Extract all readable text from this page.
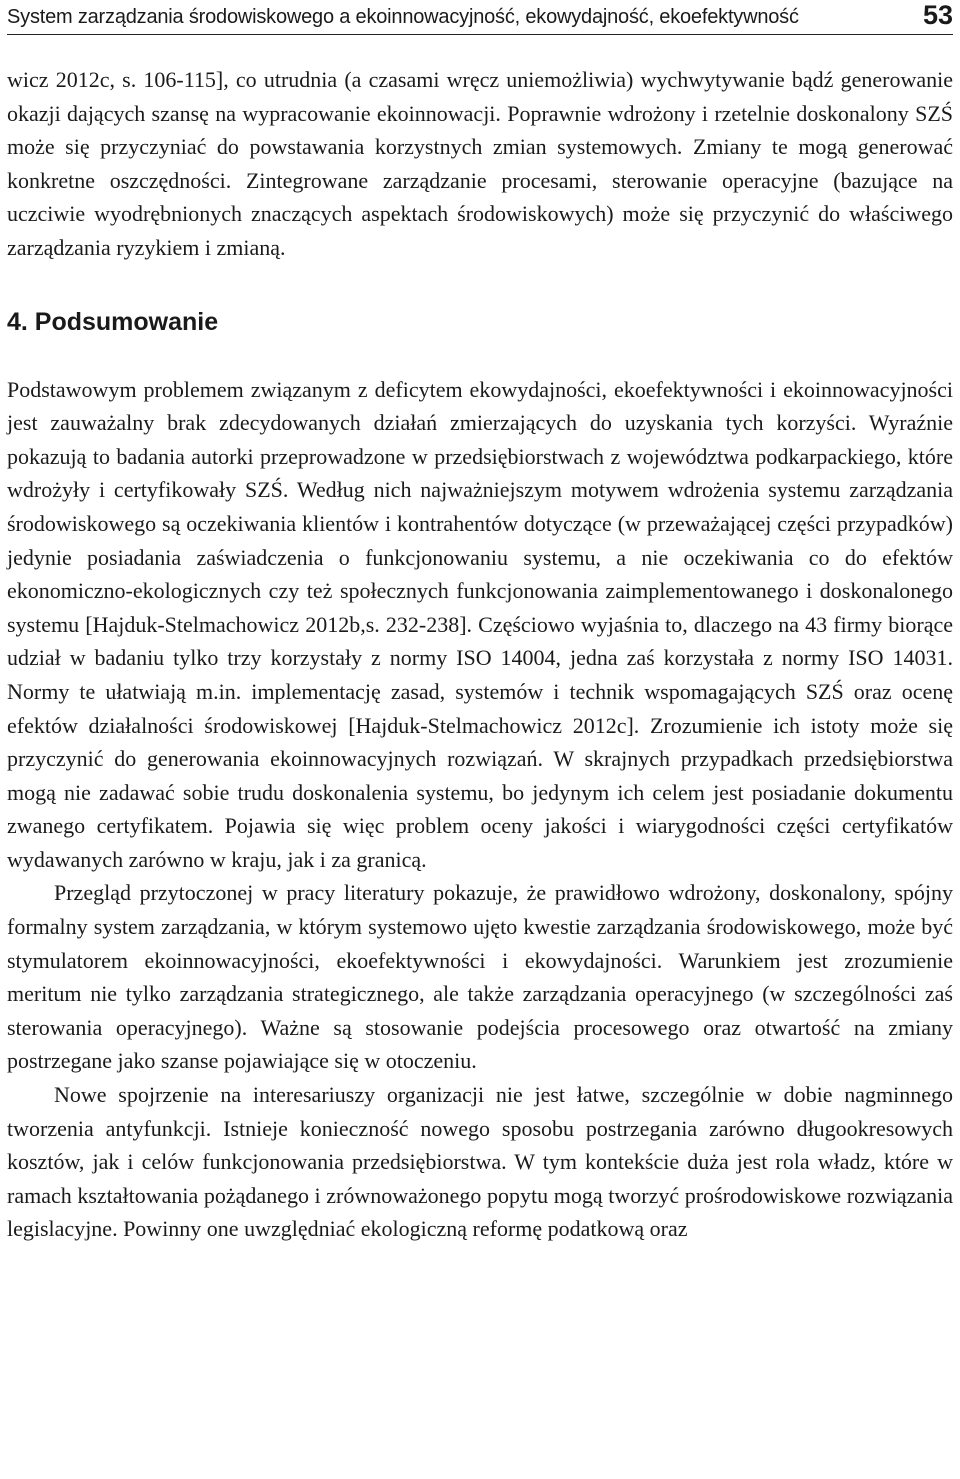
System zarządzania środowiskowego a ekoinnowacyjność, ekowydajność, ekoefektywność	53

wicz 2012c, s. 106-115], co utrudnia (a czasami wręcz uniemożliwia) wychwytywanie bądź generowanie okazji dających szansę na wypracowanie ekoinnowacji. Poprawnie wdrożony i rzetelnie doskonalony SZŚ może się przyczyniać do powstawania korzystnych zmian systemowych. Zmiany te mogą generować konkretne oszczędności. Zintegrowane zarządzanie procesami, sterowanie operacyjne (bazujące na uczciwie wyodrębnionych znaczących aspektach środowiskowych) może się przyczynić do właściwego zarządzania ryzykiem i zmianą.

4. Podsumowanie

Podstawowym problemem związanym z deficytem ekowydajności, ekoefektywności i ekoinnowacyjności jest zauważalny brak zdecydowanych działań zmierzających do uzyskania tych korzyści. Wyraźnie pokazują to badania autorki przeprowadzone w przedsiębiorstwach z województwa podkarpackiego, które wdrożyły i certyfikowały SZŚ. Według nich najważniejszym motywem wdrożenia systemu zarządzania środowiskowego są oczekiwania klientów i kontrahentów dotyczące (w przeważającej części przypadków) jedynie posiadania zaświadczenia o funkcjonowaniu systemu, a nie oczekiwania co do efektów ekonomiczno-ekologicznych czy też społecznych funkcjonowania zaimplementowanego i doskonalonego systemu [Hajduk-Stelmachowicz 2012b,s. 232-238]. Częściowo wyjaśnia to, dlaczego na 43 firmy biorące udział w badaniu tylko trzy korzystały z normy ISO 14004, jedna zaś korzystała z normy ISO 14031. Normy te ułatwiają m.in. implementację zasad, systemów i technik wspomagających SZŚ oraz ocenę efektów działalności środowiskowej [Hajduk-Stelmachowicz 2012c]. Zrozumienie ich istoty może się przyczynić do generowania ekoinnowacyjnych rozwiązań. W skrajnych przypadkach przedsiębiorstwa mogą nie zadawać sobie trudu doskonalenia systemu, bo jedynym ich celem jest posiadanie dokumentu zwanego certyfikatem. Pojawia się więc problem oceny jakości i wiarygodności części certyfikatów wydawanych zarówno w kraju, jak i za granicą.

Przegląd przytoczonej w pracy literatury pokazuje, że prawidłowo wdrożony, doskonalony, spójny formalny system zarządzania, w którym systemowo ujęto kwestie zarządzania środowiskowego, może być stymulatorem ekoinnowacyjności, ekoefektywności i ekowydajności. Warunkiem jest zrozumienie meritum nie tylko zarządzania strategicznego, ale także zarządzania operacyjnego (w szczególności zaś sterowania operacyjnego). Ważne są stosowanie podejścia procesowego oraz otwartość na zmiany postrzegane jako szanse pojawiające się w otoczeniu.

Nowe spojrzenie na interesariuszy organizacji nie jest łatwe, szczególnie w dobie nagminnego tworzenia antyfunkcji. Istnieje konieczność nowego sposobu postrzegania zarówno długookresowych kosztów, jak i celów funkcjonowania przedsiębiorstwa. W tym kontekście duża jest rola władz, które w ramach kształtowania pożądanego i zrównoważonego popytu mogą tworzyć prośrodowiskowe rozwiązania legislacyjne. Powinny one uwzględniać ekologiczną reformę podatkową oraz
